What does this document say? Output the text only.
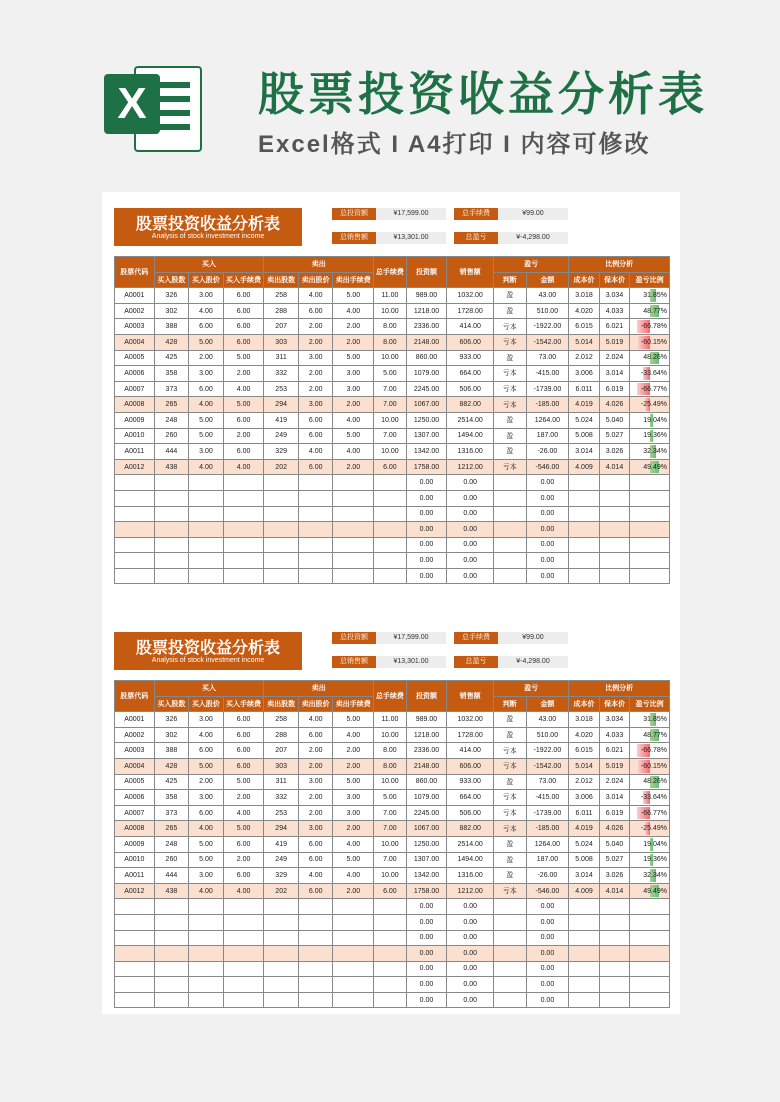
X 股票投资收益分析表
Excel格式 I A4打印 I 内容可修改
股票投资收益分析表
Analysis of stock investment income
总投资额	¥17,599.00	总手续费	¥99.00
总销售额	¥13,301.00	总盈亏	¥-4,298.00
股票代码	买入			卖出			总手续费	投资额	销售额	盈亏		比例分析		
	买入股数	买入股价	买入手续费	卖出股数	卖出股价	卖出手续费				判断	金额	成本价	保本价	盈亏比例
A0001	326	3.00	6.00	258	4.00	5.00	11.00	989.00	1032.00	盈	43.00	3.018	3.034	31.85%
A0002	302	4.00	6.00	288	6.00	4.00	10.00	1218.00	1728.00	盈	510.00	4.020	4.033	48.77%
A0003	388	6.00	6.00	207	2.00	2.00	8.00	2336.00	414.00	亏本	-1922.00	6.015	6.021	-66.78%
A0004	428	5.00	6.00	303	2.00	2.00	8.00	2148.00	606.00	亏本	-1542.00	5.014	5.019	-60.15%
A0005	425	2.00	5.00	311	3.00	5.00	10.00	860.00	933.00	盈	73.00	2.012	2.024	48.26%
A0006	358	3.00	2.00	332	2.00	3.00	5.00	1079.00	664.00	亏本	-415.00	3.006	3.014	-33.64%
A0007	373	6.00	4.00	253	2.00	3.00	7.00	2245.00	506.00	亏本	-1739.00	6.011	6.019	-66.77%
A0008	265	4.00	5.00	294	3.00	2.00	7.00	1067.00	882.00	亏本	-185.00	4.019	4.026	-25.49%
A0009	248	5.00	6.00	419	6.00	4.00	10.00	1250.00	2514.00	盈	1264.00	5.024	5.040	19.04%
A0010	260	5.00	2.00	249	6.00	5.00	7.00	1307.00	1494.00	盈	187.00	5.008	5.027	19.36%
A0011	444	3.00	6.00	329	4.00	4.00	10.00	1342.00	1316.00	盈	-26.00	3.014	3.026	32.34%
A0012	438	4.00	4.00	202	6.00	2.00	6.00	1758.00	1212.00	亏本	-546.00	4.009	4.014	49.49%
								0.00	0.00		0.00			
								0.00	0.00		0.00			
								0.00	0.00		0.00			
								0.00	0.00		0.00			
								0.00	0.00		0.00			
								0.00	0.00		0.00			
								0.00	0.00		0.00			
股票投资收益分析表
Analysis of stock investment income
总投资额	¥17,599.00	总手续费	¥99.00
总销售额	¥13,301.00	总盈亏	¥-4,298.00
股票代码	买入			卖出			总手续费	投资额	销售额	盈亏		比例分析		
	买入股数	买入股价	买入手续费	卖出股数	卖出股价	卖出手续费				判断	金额	成本价	保本价	盈亏比例
A0001	326	3.00	6.00	258	4.00	5.00	11.00	989.00	1032.00	盈	43.00	3.018	3.034	31.85%
A0002	302	4.00	6.00	288	6.00	4.00	10.00	1218.00	1728.00	盈	510.00	4.020	4.033	48.77%
A0003	388	6.00	6.00	207	2.00	2.00	8.00	2336.00	414.00	亏本	-1922.00	6.015	6.021	-66.78%
A0004	428	5.00	6.00	303	2.00	2.00	8.00	2148.00	606.00	亏本	-1542.00	5.014	5.019	-60.15%
A0005	425	2.00	5.00	311	3.00	5.00	10.00	860.00	933.00	盈	73.00	2.012	2.024	48.26%
A0006	358	3.00	2.00	332	2.00	3.00	5.00	1079.00	664.00	亏本	-415.00	3.006	3.014	-33.64%
A0007	373	6.00	4.00	253	2.00	3.00	7.00	2245.00	506.00	亏本	-1739.00	6.011	6.019	-66.77%
A0008	265	4.00	5.00	294	3.00	2.00	7.00	1067.00	882.00	亏本	-185.00	4.019	4.026	-25.49%
A0009	248	5.00	6.00	419	6.00	4.00	10.00	1250.00	2514.00	盈	1264.00	5.024	5.040	19.04%
A0010	260	5.00	2.00	249	6.00	5.00	7.00	1307.00	1494.00	盈	187.00	5.008	5.027	19.36%
A0011	444	3.00	6.00	329	4.00	4.00	10.00	1342.00	1316.00	盈	-26.00	3.014	3.026	32.34%
A0012	438	4.00	4.00	202	6.00	2.00	6.00	1758.00	1212.00	亏本	-546.00	4.009	4.014	49.49%
								0.00	0.00		0.00			
								0.00	0.00		0.00			
								0.00	0.00		0.00			
								0.00	0.00		0.00			
								0.00	0.00		0.00			
								0.00	0.00		0.00			
								0.00	0.00		0.00			
